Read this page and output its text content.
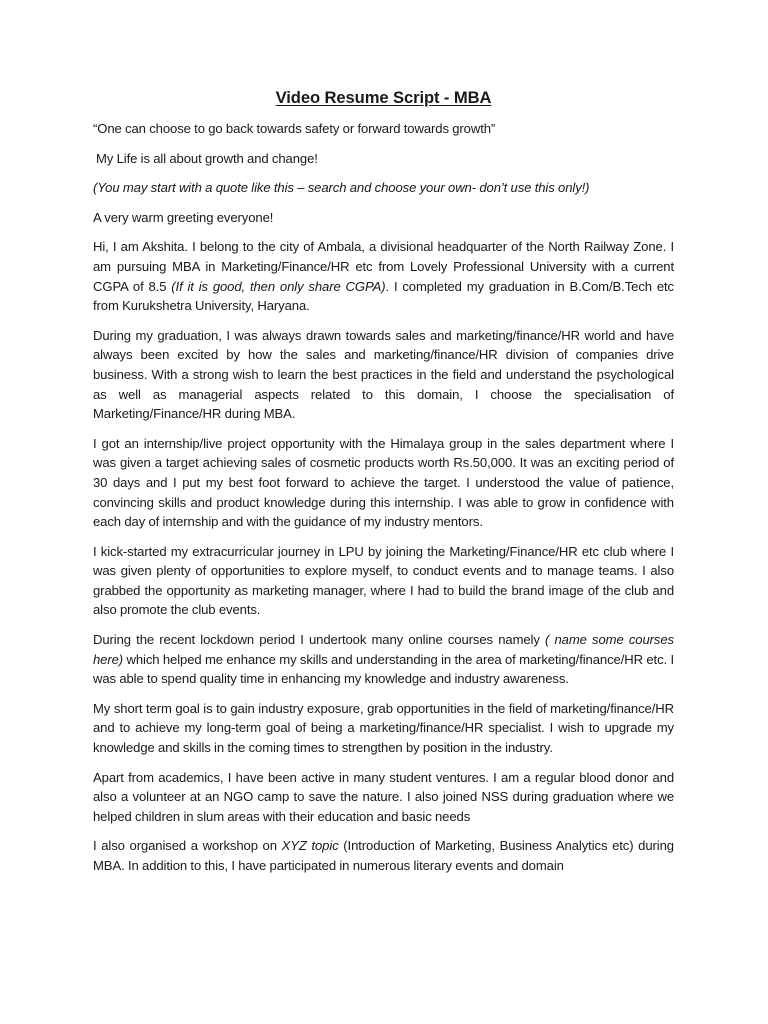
Video Resume Script - MBA

“One can choose to go back towards safety or forward towards growth”

My Life is all about growth and change!

(You may start with a quote like this – search and choose your own- don’t use this only!)

A very warm greeting everyone!

Hi, I am Akshita. I belong to the city of Ambala, a divisional headquarter of the North Railway Zone. I am pursuing MBA in Marketing/Finance/HR etc from Lovely Professional University with a current CGPA of 8.5 (If it is good, then only share CGPA). I completed my graduation in B.Com/B.Tech etc from Kurukshetra University, Haryana.

During my graduation, I was always drawn towards sales and marketing/finance/HR world and have always been excited by how the sales and marketing/finance/HR division of companies drive business. With a strong wish to learn the best practices in the field and understand the psychological as well as managerial aspects related to this domain, I choose the specialisation of Marketing/Finance/HR during MBA.

I got an internship/live project opportunity with the Himalaya group in the sales department where I was given a target achieving sales of cosmetic products worth Rs.50,000. It was an exciting period of 30 days and I put my best foot forward to achieve the target. I understood the value of patience, convincing skills and product knowledge during this internship. I was able to grow in confidence with each day of internship and with the guidance of my industry mentors.

I kick-started my extracurricular journey in LPU by joining the Marketing/Finance/HR etc club where I was given plenty of opportunities to explore myself, to conduct events and to manage teams. I also grabbed the opportunity as marketing manager, where I had to build the brand image of the club and also promote the club events.

During the recent lockdown period I undertook many online courses namely ( name some courses here) which helped me enhance my skills and understanding in the area of marketing/finance/HR etc. I was able to spend quality time in enhancing my knowledge and industry awareness.

My short term goal is to gain industry exposure, grab opportunities in the field of marketing/finance/HR and to achieve my long-term goal of being a marketing/finance/HR specialist. I wish to upgrade my knowledge and skills in the coming times to strengthen by position in the industry.

Apart from academics, I have been active in many student ventures. I am a regular blood donor and also a volunteer at an NGO camp to save the nature. I also joined NSS during graduation where we helped children in slum areas with their education and basic needs

I also organised a workshop on XYZ topic (Introduction of Marketing, Business Analytics etc) during MBA. In addition to this, I have participated in numerous literary events and domain
